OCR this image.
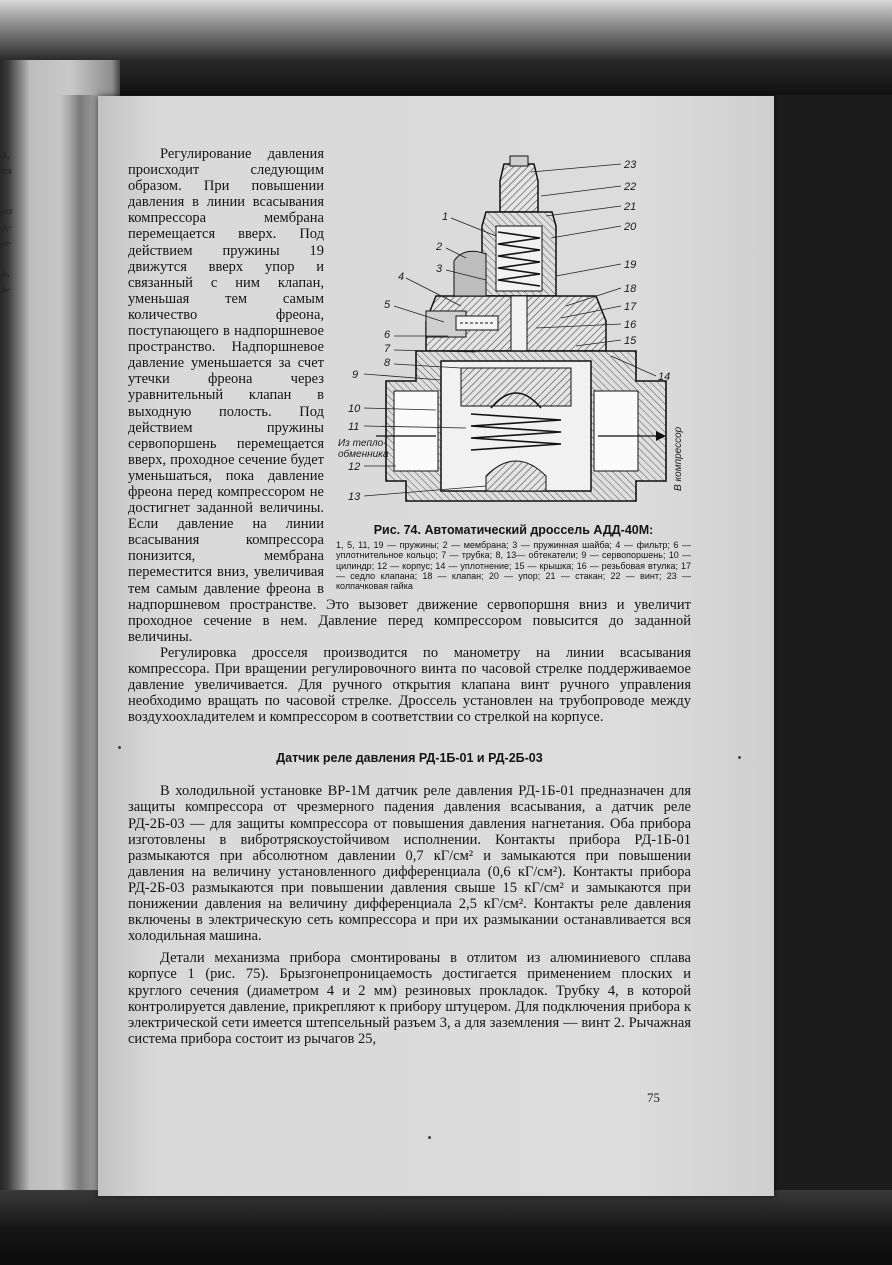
а,
ся
из
д-
и-
ь,
ь-
23
22
21
20
19
18
17
16
15
14
1
2
3
4
5
6
7
8
9
10
11
12
13
Из тепло-обменника	В компрессор
Рис. 74. Автоматический дроссель АДД-40М:
1, 5, 11, 19 — пружины; 2 — мембрана; 3 — пружинная шайба; 4 — фильтр; 6 — уплотнительное кольцо; 7 — трубка; 8, 13— обтекатели; 9 — сервопоршень; 10 — цилиндр; 12 — корпус; 14 — уплотнение; 15 — крышка; 16 — резьбовая втулка; 17 — седло клапана; 18 — клапан; 20 — упор; 21 — стакан; 22 — винт; 23 — колпачковая гайка

Регулирование давления происходит следующим образом. При повышении давления в линии всасывания компрессора мембрана перемещается вверх. Под действием пружины 19 движутся вверх упор и связанный с ним клапан, уменьшая тем самым количество фреона, поступающего в надпоршневое пространство. Надпоршневое давление уменьшается за счет утечки фреона через уравнительный клапан в выходную полость. Под действием пружины сервопоршень перемещается вверх, проходное сечение будет уменьшаться, пока давление фреона перед компрессором не достигнет заданной величины. Если давление на линии всасывания компрессора понизится, мембрана переместится вниз, увеличивая тем самым давление фреона в надпоршневом пространстве. Это вызовет движение сервопоршня вниз и увеличит проходное сечение в нем. Давление перед компрессором повысится до заданной величины.

Регулировка дросселя производится по манометру на линии всасывания компрессора. При вращении регулировочного винта по часовой стрелке поддерживаемое давление увеличивается. Для ручного открытия клапана винт ручного управления необходимо вращать по часовой стрелке. Дроссель установлен на трубопроводе между воздухоохладителем и компрессором в соответствии со стрелкой на корпусе.

Датчик реле давления РД-1Б-01 и РД-2Б-03

В холодильной установке ВР-1М датчик реле давления РД-1Б-01 предназначен для защиты компрессора от чрезмерного падения давления всасывания, а датчик реле РД-2Б-03 — для защиты компрессора от повышения давления нагнетания. Оба прибора изготовлены в вибротряскоустойчивом исполнении. Контакты прибора РД-1Б-01 размыкаются при абсолютном давлении 0,7 кГ/см² и замыкаются при повышении давления на величину установленного дифференциала (0,6 кГ/см²). Контакты прибора РД-2Б-03 размыкаются при повышении давления свыше 15 кГ/см² и замыкаются при понижении давления на величину дифференциала 2,5 кГ/см². Контакты реле давления включены в электрическую сеть компрессора и при их размыкании останавливается вся холодильная машина.

Детали механизма прибора смонтированы в отлитом из алюминиевого сплава корпусе 1 (рис. 75). Брызгонепроницаемость достигается применением плоских и круглого сечения (диаметром 4 и 2 мм) резиновых прокладок. Трубку 4, в которой контролируется давление, прикрепляют к прибору штуцером. Для подключения прибора к электрической сети имеется штепсельный разъем 3, а для заземления — винт 2. Рычажная система прибора состоит из рычагов 25,

75
